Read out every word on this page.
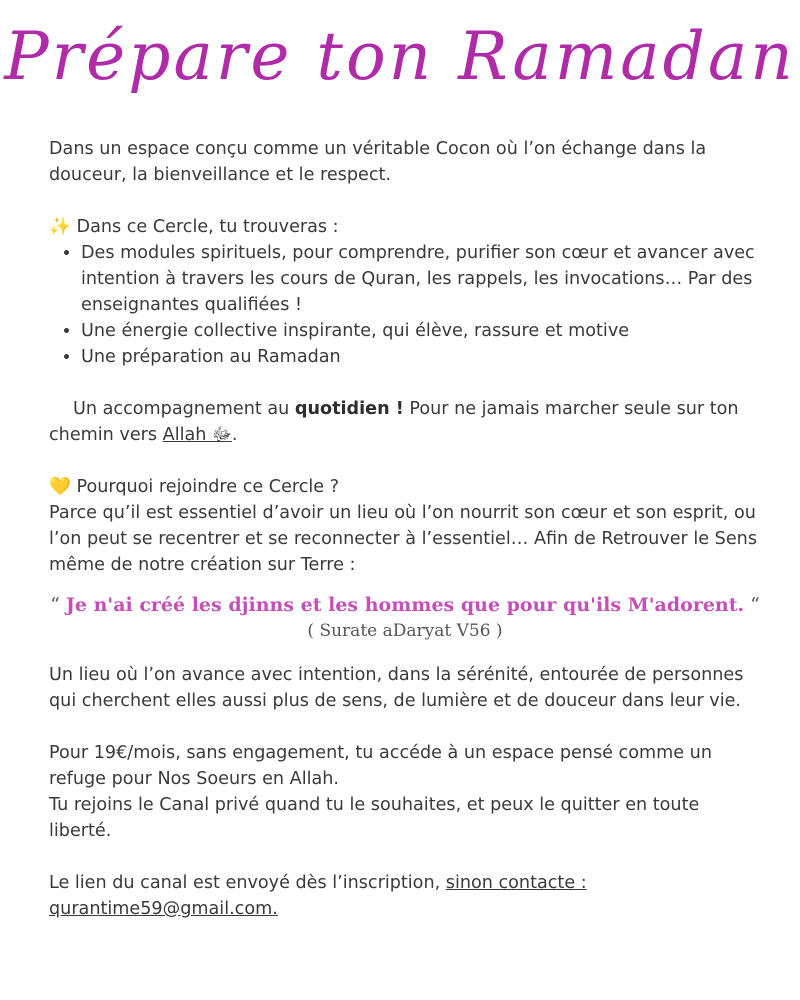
Prépare ton Ramadan

Dans un espace conçu comme un véritable Cocon où l’on échange dans la douceur, la bienveillance et le respect.

✨ Dans ce Cercle, tu trouveras :

• Des modules spirituels, pour comprendre, purifier son cœur et avancer avec intention à travers les cours de Quran, les rappels, les invocations… Par des enseignantes qualifiées !
• Une énergie collective inspirante, qui élève, rassure et motive
• Une préparation au Ramadan

Un accompagnement au quotidien ! Pour ne jamais marcher seule sur ton chemin vers Allah ﷻ.

💛 Pourquoi rejoindre ce Cercle ?

Parce qu’il est essentiel d’avoir un lieu où l’on nourrit son cœur et son esprit, ou l’on peut se recentrer et se reconnecter à l’essentiel… Afin de Retrouver le Sens même de notre création sur Terre :

“ Je n'ai créé les djinns et les hommes que pour qu'ils M'adorent. “
( Surate aDaryat V56 )

Un lieu où l’on avance avec intention, dans la sérénité, entourée de personnes qui cherchent elles aussi plus de sens, de lumière et de douceur dans leur vie.

Pour 19€/mois, sans engagement, tu accéde à un espace pensé comme un refuge pour Nos Soeurs en Allah.

Tu rejoins le Canal privé quand tu le souhaites, et peux le quitter en toute liberté.

Le lien du canal est envoyé dès l’inscription, sinon contacte : qurantime59@gmail.com.
